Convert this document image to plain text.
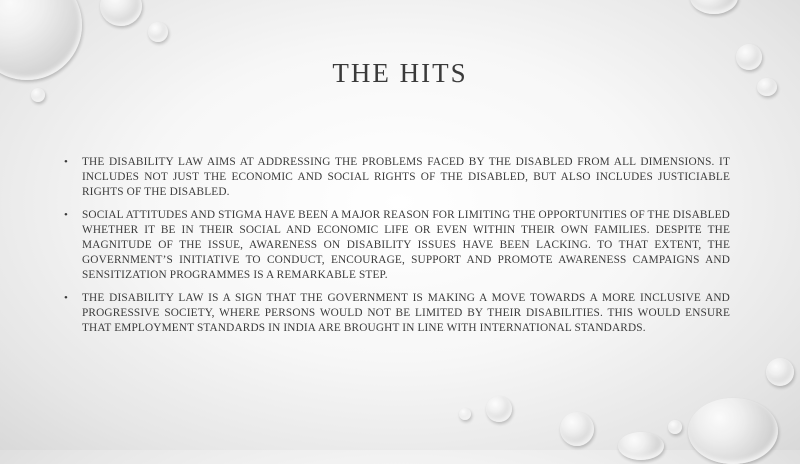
THE HITS
• THE DISABILITY LAW AIMS AT ADDRESSING THE PROBLEMS FACED BY THE DISABLED FROM ALL DIMENSIONS. IT INCLUDES NOT JUST THE ECONOMIC AND SOCIAL RIGHTS OF THE DISABLED, BUT ALSO INCLUDES JUSTICIABLE RIGHTS OF THE DISABLED.
• SOCIAL ATTITUDES AND STIGMA HAVE BEEN A MAJOR REASON FOR LIMITING THE OPPORTUNITIES OF THE DISABLED WHETHER IT BE IN THEIR SOCIAL AND ECONOMIC LIFE OR EVEN WITHIN THEIR OWN FAMILIES. DESPITE THE MAGNITUDE OF THE ISSUE, AWARENESS ON DISABILITY ISSUES HAVE BEEN LACKING. TO THAT EXTENT, THE GOVERNMENT’S INITIATIVE TO CONDUCT, ENCOURAGE, SUPPORT AND PROMOTE AWARENESS CAMPAIGNS AND SENSITIZATION PROGRAMMES IS A REMARKABLE STEP.
• THE DISABILITY LAW IS A SIGN THAT THE GOVERNMENT IS MAKING A MOVE TOWARDS A MORE INCLUSIVE AND PROGRESSIVE SOCIETY, WHERE PERSONS WOULD NOT BE LIMITED BY THEIR DISABILITIES. THIS WOULD ENSURE THAT EMPLOYMENT STANDARDS IN INDIA ARE BROUGHT IN LINE WITH INTERNATIONAL STANDARDS.
